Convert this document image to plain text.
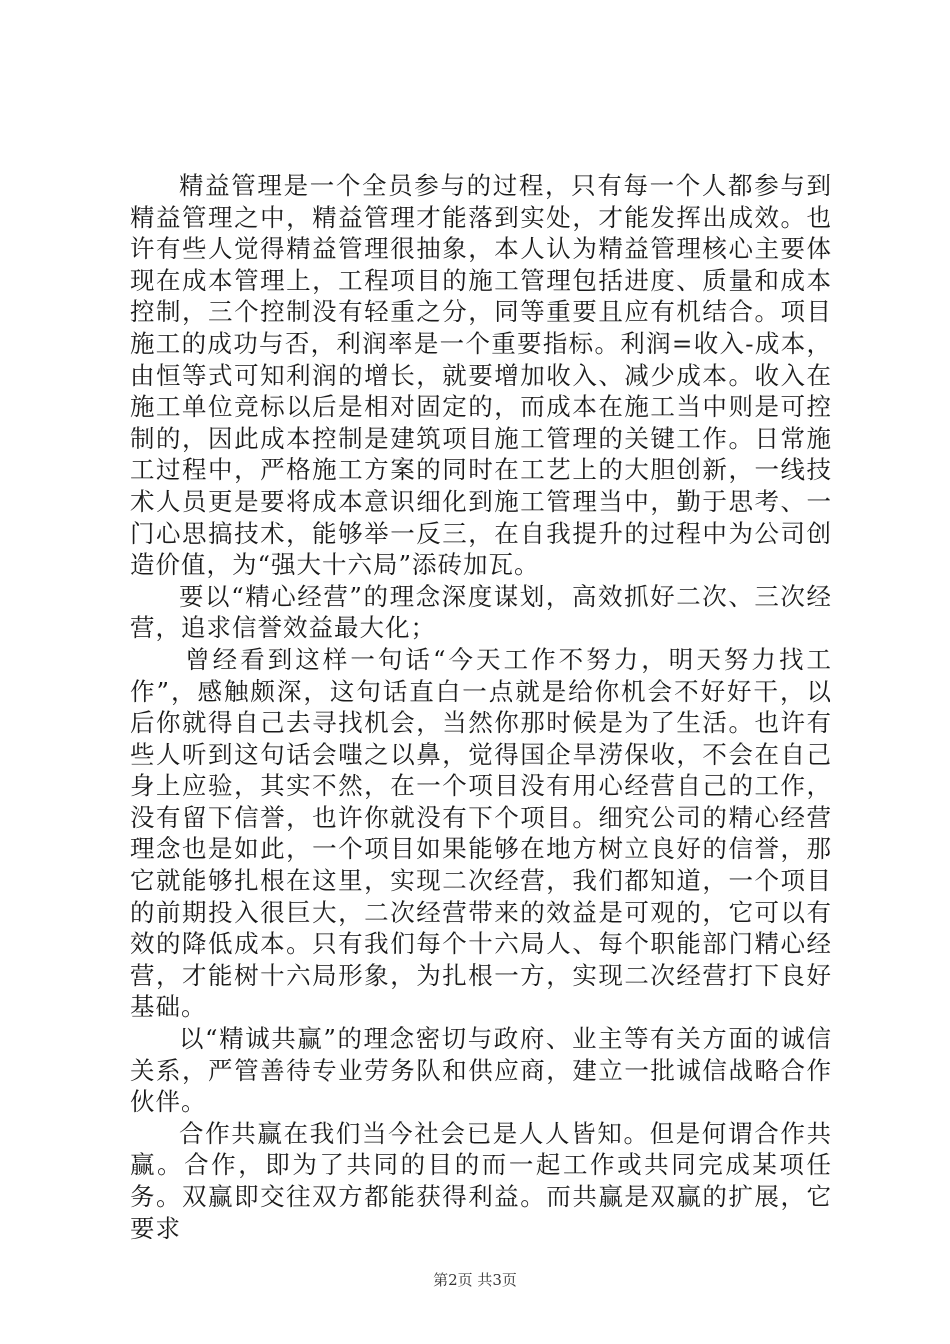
精益管理是一个全员参与的过程，只有每一个人都参与到精益管理之中，精益管理才能落到实处，才能发挥出成效。也许有些人觉得精益管理很抽象，本人认为精益管理核心主要体现在成本管理上，工程项目的施工管理包括进度、质量和成本控制，三个控制没有轻重之分，同等重要且应有机结合。项目施工的成功与否，利润率是一个重要指标。利润=收入-成本，由恒等式可知利润的增长，就要增加收入、减少成本。收入在施工单位竞标以后是相对固定的，而成本在施工当中则是可控制的，因此成本控制是建筑项目施工管理的关键工作。日常施工过程中，严格施工方案的同时在工艺上的大胆创新，一线技术人员更是要将成本意识细化到施工管理当中，勤于思考、一门心思搞技术，能够举一反三，在自我提升的过程中为公司创造价值，为“强大十六局”添砖加瓦。

要以“精心经营”的理念深度谋划，高效抓好二次、三次经营，追求信誉效益最大化；

曾经看到这样一句话“今天工作不努力，明天努力找工作”，感触颇深，这句话直白一点就是给你机会不好好干，以后你就得自己去寻找机会，当然你那时候是为了生活。也许有些人听到这句话会嗤之以鼻，觉得国企旱涝保收，不会在自己身上应验，其实不然，在一个项目没有用心经营自己的工作，没有留下信誉，也许你就没有下个项目。细究公司的精心经营理念也是如此，一个项目如果能够在地方树立良好的信誉，那它就能够扎根在这里，实现二次经营，我们都知道，一个项目的前期投入很巨大，二次经营带来的效益是可观的，它可以有效的降低成本。只有我们每个十六局人、每个职能部门精心经营，才能树十六局形象，为扎根一方，实现二次经营打下良好基础。

以“精诚共赢”的理念密切与政府、业主等有关方面的诚信关系，严管善待专业劳务队和供应商，建立一批诚信战略合作伙伴。

合作共赢在我们当今社会已是人人皆知。但是何谓合作共赢。合作，即为了共同的目的而一起工作或共同完成某项任务。双赢即交往双方都能获得利益。而共赢是双赢的扩展，它要求

第2页 共3页
